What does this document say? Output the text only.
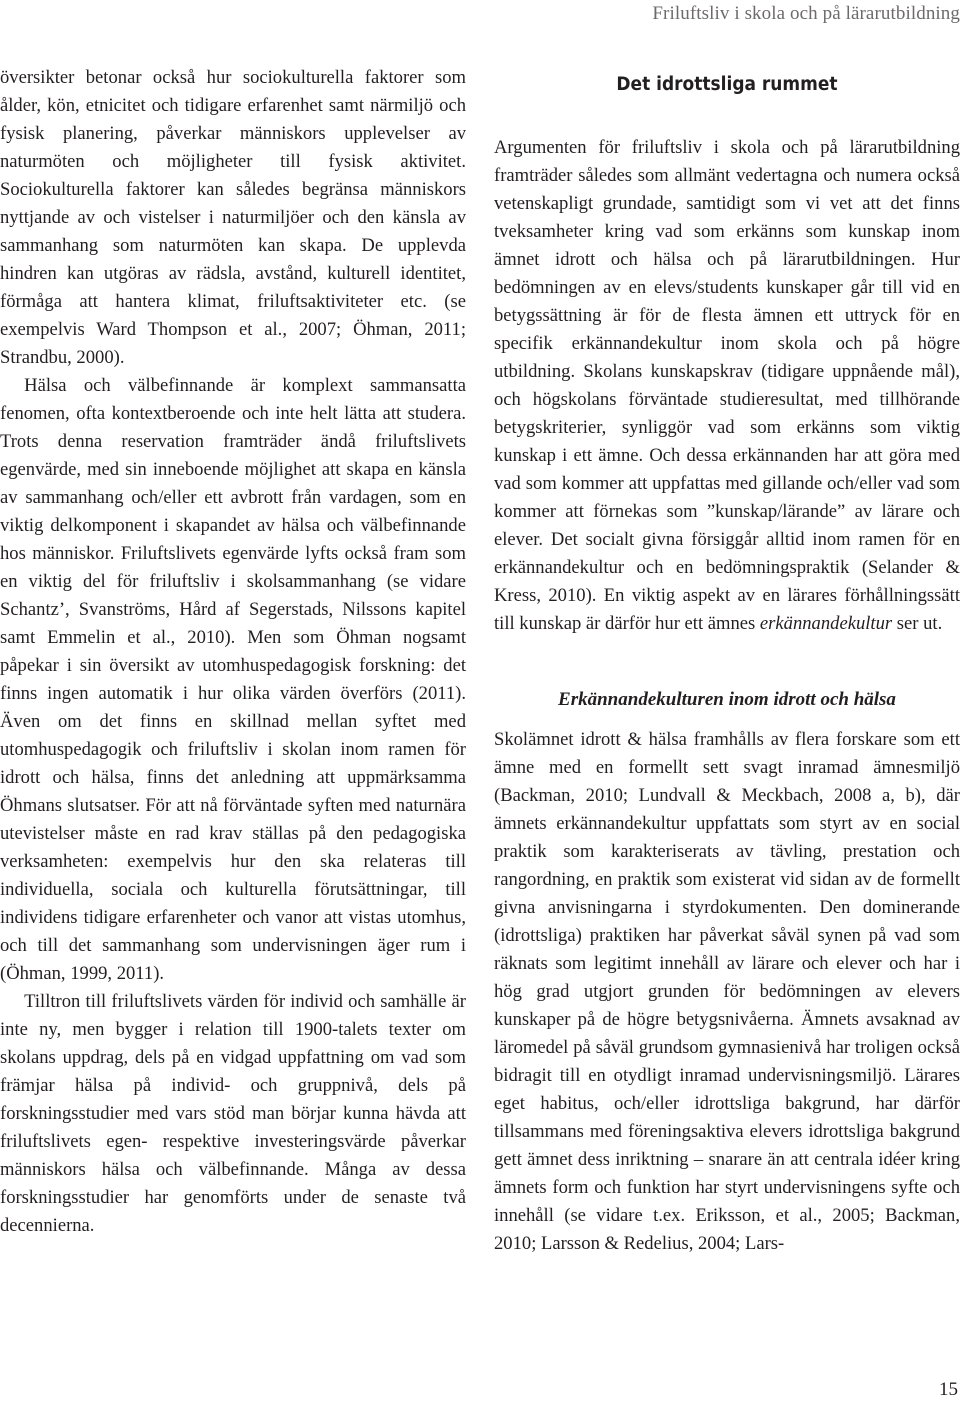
Friluftsliv i skola och på lärarutbildning

översikter betonar också hur sociokulturella faktorer som ålder, kön, etnicitet och tidigare erfarenhet samt närmiljö och fysisk planering, påverkar människors upplevelser av naturmöten och möjligheter till fysisk aktivitet. Sociokulturella faktorer kan således begränsa människors nyttjande av och vistelser i naturmiljöer och den känsla av sammanhang som naturmöten kan skapa. De upplevda hindren kan utgöras av rädsla, avstånd, kulturell identitet, förmåga att hantera klimat, friluftsaktiviteter etc. (se exempelvis Ward Thompson et al., 2007; Öhman, 2011; Strandbu, 2000).

Hälsa och välbefinnande är komplext sammansatta fenomen, ofta kontextberoende och inte helt lätta att studera. Trots denna reservation framträder ändå friluftslivets egenvärde, med sin inneboende möjlighet att skapa en känsla av sammanhang och/eller ett avbrott från vardagen, som en viktig delkomponent i skapandet av hälsa och välbefinnande hos människor. Friluftslivets egenvärde lyfts också fram som en viktig del för friluftsliv i skolsammanhang (se vidare Schantz’, Svanströms, Hård af Segerstads, Nilssons kapitel samt Emmelin et al., 2010). Men som Öhman nogsamt påpekar i sin översikt av utomhuspedagogisk forskning: det finns ingen automatik i hur olika värden överförs (2011). Även om det finns en skillnad mellan syftet med utomhuspedagogik och friluftsliv i skolan inom ramen för idrott och hälsa, finns det anledning att uppmärksamma Öhmans slutsatser. För att nå förväntade syften med naturnära utevistelser måste en rad krav ställas på den pedagogiska verksamheten: exempelvis hur den ska relateras till individuella, sociala och kulturella förutsättningar, till individens tidigare erfarenheter och vanor att vistas utomhus, och till det sammanhang som undervisningen äger rum i (Öhman, 1999, 2011).

Tilltron till friluftslivets värden för individ och samhälle är inte ny, men bygger i relation till 1900-talets texter om skolans uppdrag, dels på en vidgad uppfattning om vad som främjar hälsa på individ- och gruppnivå, dels på forskningsstudier med vars stöd man börjar kunna hävda att friluftslivets egen- respektive investeringsvärde påverkar människors hälsa och välbefinnande. Många av dessa forskningsstudier har genomförts under de senaste två decennierna.

Det idrottsliga rummet

Argumenten för friluftsliv i skola och på lärarutbildning framträder således som allmänt vedertagna och numera också vetenskapligt grundade, samtidigt som vi vet att det finns tveksamheter kring vad som erkänns som kunskap inom ämnet idrott och hälsa och på lärarutbildningen. Hur bedömningen av en elevs/students kunskaper går till vid en betygssättning är för de flesta ämnen ett uttryck för en specifik erkännandekultur inom skola och på högre utbildning. Skolans kunskapskrav (tidigare uppnående mål), och högskolans förväntade studieresultat, med tillhörande betygskriterier, synliggör vad som erkänns som viktig kunskap i ett ämne. Och dessa erkännanden har att göra med vad som kommer att uppfattas med gillande och/eller vad som kommer att förnekas som ”kunskap/lärande” av lärare och elever. Det socialt givna försiggår alltid inom ramen för en erkännandekultur och en bedömningspraktik (Selander & Kress, 2010). En viktig aspekt av en lärares förhållningssätt till kunskap är därför hur ett ämnes erkännandekultur ser ut.

Erkännandekulturen inom idrott och hälsa

Skolämnet idrott & hälsa framhålls av flera forskare som ett ämne med en formellt sett svagt inramad ämnesmiljö (Backman, 2010; Lundvall & Meckbach, 2008 a, b), där ämnets erkännandekultur uppfattats som styrt av en social praktik som karakteriserats av tävling, prestation och rangordning, en praktik som existerat vid sidan av de formellt givna anvisningarna i styrdokumenten. Den dominerande (idrottsliga) praktiken har påverkat såväl synen på vad som räknats som legitimt innehåll av lärare och elever och har i hög grad utgjort grunden för bedömningen av elevers kunskaper på de högre betygsnivåerna. Ämnets avsaknad av läromedel på såväl grundsom gymnasienivå har troligen också bidragit till en otydligt inramad undervisningsmiljö. Lärares eget habitus, och/eller idrottsliga bakgrund, har därför tillsammans med föreningsaktiva elevers idrottsliga bakgrund gett ämnet dess inriktning – snarare än att centrala idéer kring ämnets form och funktion har styrt undervisningens syfte och innehåll (se vidare t.ex. Eriksson, et al., 2005; Backman, 2010; Larsson & Redelius, 2004; Lars-

15
